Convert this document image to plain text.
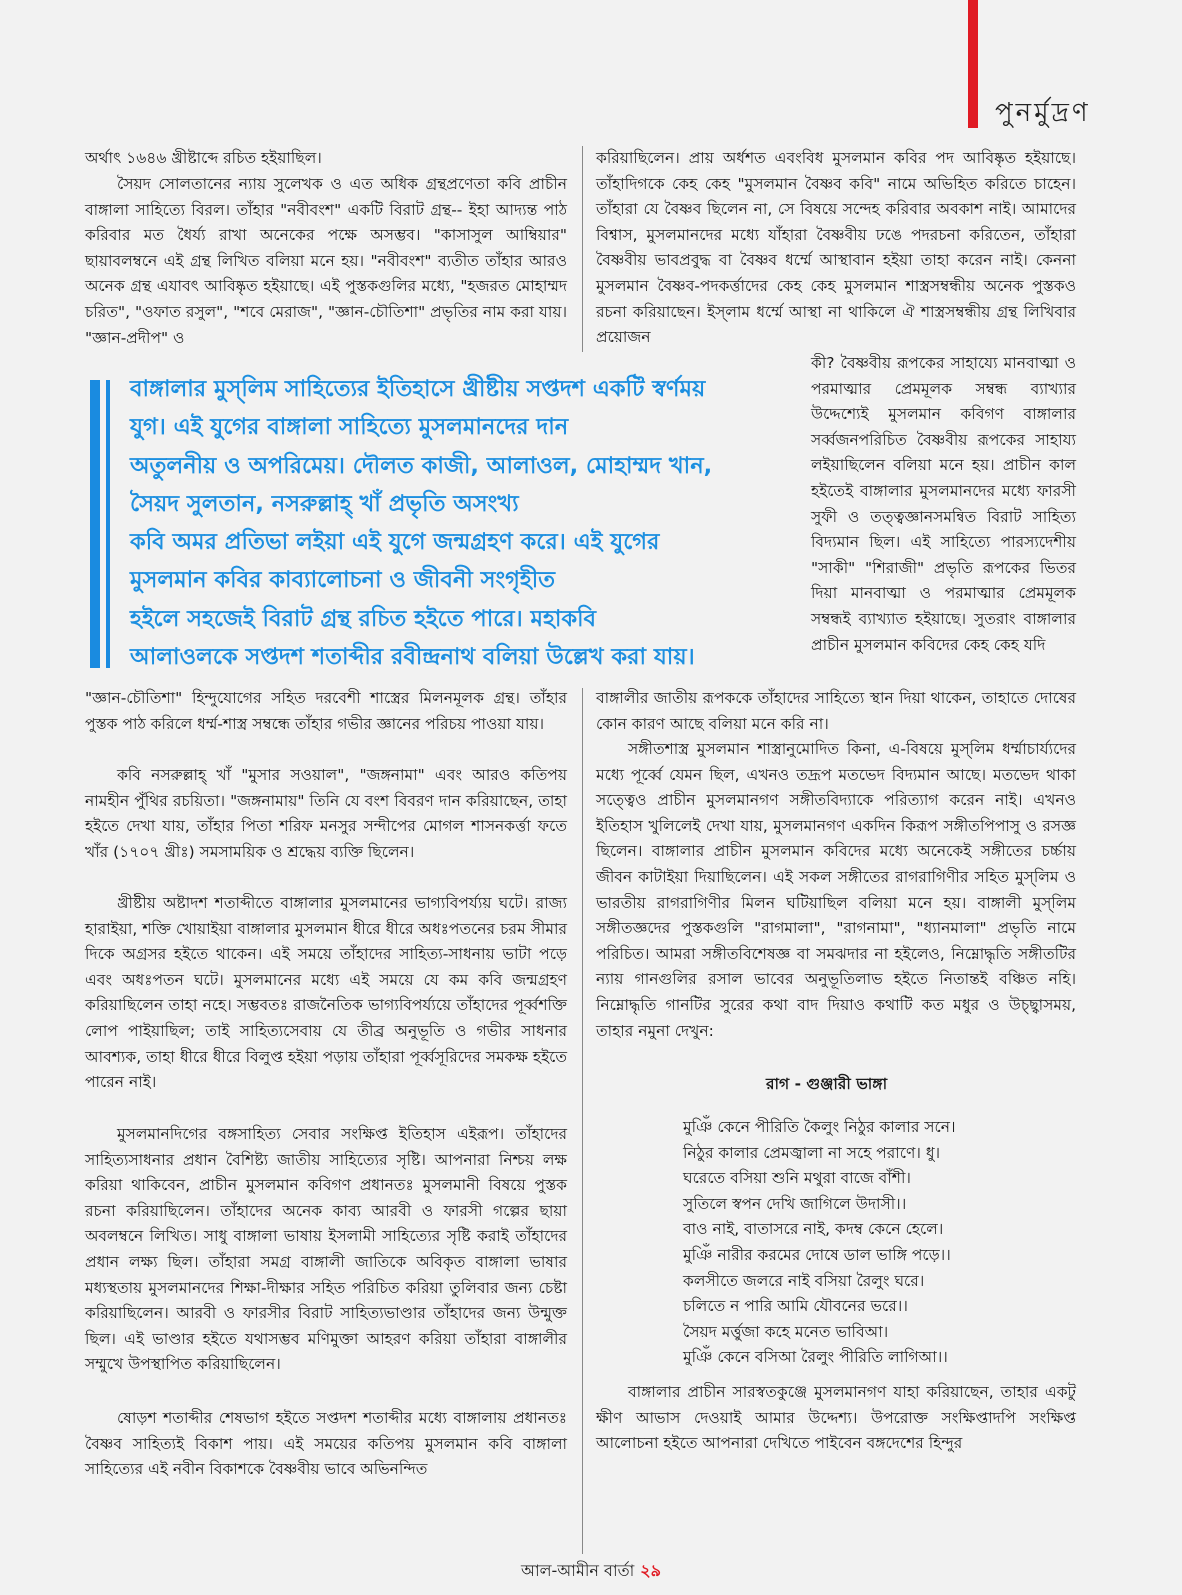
পুনর্মুদ্রণ

অর্থাৎ ১৬৪৬ খ্রীষ্টাব্দে রচিত হইয়াছিল।

সৈয়দ সোলতানের ন্যায় সুলেখক ও এত অধিক গ্রন্থপ্রণেতা কবি প্রাচীন বাঙ্গালা সাহিত্যে বিরল। তাঁহার "নবীবংশ" একটি বিরাট গ্রন্থ-- ইহা আদ্যন্ত পাঠ করিবার মত ধৈর্য্য রাখা অনেকের পক্ষে অসম্ভব। "কাসাসুল আম্বিয়ার" ছায়াবলম্বনে এই গ্রন্থ লিখিত বলিয়া মনে হয়। "নবীবংশ" ব্যতীত তাঁহার আরও অনেক গ্রন্থ এযাবৎ আবিষ্কৃত হইয়াছে। এই পুস্তকগুলির মধ্যে, "হজরত মোহাম্মদ চরিত", "ওফাত রসুল", "শবে মেরাজ", "জ্ঞান-চৌতিশা" প্রভৃতির নাম করা যায়। "জ্ঞান-প্রদীপ" ও

করিয়াছিলেন। প্রায় অর্ধশত এবংবিধ মুসলমান কবির পদ আবিষ্কৃত হইয়াছে। তাঁহাদিগকে কেহ কেহ "মুসলমান বৈষ্ণব কবি" নামে অভিহিত করিতে চাহেন। তাঁহারা যে বৈষ্ণব ছিলেন না, সে বিষয়ে সন্দেহ করিবার অবকাশ নাই। আমাদের বিশ্বাস, মুসলমানদের মধ্যে যাঁহারা বৈষ্ণবীয় ঢঙে পদরচনা করিতেন, তাঁহারা বৈষ্ণবীয় ভাবপ্রবুদ্ধ বা বৈষ্ণব ধর্ম্মে আস্থাবান হইয়া তাহা করেন নাই। কেননা মুসলমান বৈষ্ণব-পদকর্ত্তাদের কেহ কেহ মুসলমান শাস্ত্রসম্বন্ধীয় অনেক পুস্তকও রচনা করিয়াছেন। ইস্‌লাম ধর্ম্মে আস্থা না থাকিলে ঐ শাস্ত্রসম্বন্ধীয় গ্রন্থ লিখিবার প্রয়োজন

কী? বৈষ্ণবীয় রূপকের সাহায্যে মানবাত্মা ও পরমাত্মার প্রেমমূলক সম্বন্ধ ব্যাখ্যার উদ্দেশ্যেই মুসলমান কবিগণ বাঙ্গালার সর্ব্বজনপরিচিত বৈষ্ণবীয় রূপকের সাহায্য লইয়াছিলেন বলিয়া মনে হয়। প্রাচীন কাল হইতেই বাঙ্গালার মুসলমানদের মধ্যে ফারসী সুফী ও তত্ত্বজ্ঞানসমন্বিত বিরাট সাহিত্য বিদ্যমান ছিল। এই সাহিত্যে পারস্যদেশীয় "সাকী" "শিরাজী" প্রভৃতি রূপকের ভিতর দিয়া মানবাত্মা ও পরমাত্মার প্রেমমূলক সম্বন্ধই ব্যাখ্যাত হইয়াছে। সুতরাং বাঙ্গালার প্রাচীন মুসলমান কবিদের কেহ কেহ যদি

বাঙ্গালার মুস্‌লিম সাহিত্যের ইতিহাসে খ্রীষ্টীয় সপ্তদশ একটি স্বর্ণময়
যুগ। এই যুগের বাঙ্গালা সাহিত্যে মুসলমানদের দান
অতুলনীয় ও অপরিমেয়। দৌলত কাজী, আলাওল, মোহাম্মদ খান,
সৈয়দ সুলতান, নসরুল্লাহ্ খাঁ প্রভৃতি অসংখ্য
কবি অমর প্রতিভা লইয়া এই যুগে জন্মগ্রহণ করে। এই যুগের
মুসলমান কবির কাব্যালোচনা ও জীবনী সংগৃহীত
হইলে সহজেই বিরাট গ্রন্থ রচিত হইতে পারে। মহাকবি
আলাওলকে সপ্তদশ শতাব্দীর রবীন্দ্রনাথ বলিয়া উল্লেখ করা যায়।

"জ্ঞান-চৌতিশা" হিন্দুযোগের সহিত দরবেশী শাস্ত্রের মিলনমূলক গ্রন্থ। তাঁহার পুস্তক পাঠ করিলে ধর্ম্ম-শাস্ত্র সম্বন্ধে তাঁহার গভীর জ্ঞানের পরিচয় পাওয়া যায়।

কবি নসরুল্লাহ্ খাঁ "মুসার সওয়াল", "জঙ্গনামা" এবং আরও কতিপয় নামহীন পুঁথির রচয়িতা। "জঙ্গনামায়" তিনি যে বংশ বিবরণ দান করিয়াছেন, তাহা হইতে দেখা যায়, তাঁহার পিতা শরিফ মনসুর সন্দীপের মোগল শাসনকর্ত্তা ফতে খাঁর (১৭০৭ খ্রীঃ) সমসাময়িক ও শ্রদ্ধেয় ব্যক্তি ছিলেন।

খ্রীষ্টীয় অষ্টাদশ শতাব্দীতে বাঙ্গালার মুসলমানের ভাগ্যবিপর্য্যয় ঘটে। রাজ্য হারাইয়া, শক্তি খোয়াইয়া বাঙ্গালার মুসলমান ধীরে ধীরে অধঃপতনের চরম সীমার দিকে অগ্রসর হইতে থাকেন। এই সময়ে তাঁহাদের সাহিত্য-সাধনায় ভাটা পড়ে এবং অধঃপতন ঘটে। মুসলমানের মধ্যে এই সময়ে যে কম কবি জন্মগ্রহণ করিয়াছিলেন তাহা নহে। সম্ভবতঃ রাজনৈতিক ভাগ্যবিপর্য্যয়ে তাঁহাদের পূর্ব্বশক্তি লোপ পাইয়াছিল; তাই সাহিত্যসেবায় যে তীব্র অনুভূতি ও গভীর সাধনার আবশ্যক, তাহা ধীরে ধীরে বিলুপ্ত হইয়া পড়ায় তাঁহারা পূর্ব্বসূরিদের সমকক্ষ হইতে পারেন নাই।

মুসলমানদিগের বঙ্গসাহিত্য সেবার সংক্ষিপ্ত ইতিহাস এইরূপ। তাঁহাদের সাহিত্যসাধনার প্রধান বৈশিষ্ট্য জাতীয় সাহিত্যের সৃষ্টি। আপনারা নিশ্চয় লক্ষ করিয়া থাকিবেন, প্রাচীন মুসলমান কবিগণ প্রধানতঃ মুসলমানী বিষয়ে পুস্তক রচনা করিয়াছিলেন। তাঁহাদের অনেক কাব্য আরবী ও ফারসী গল্পের ছায়া অবলম্বনে লিখিত। সাধু বাঙ্গালা ভাষায় ইসলামী সাহিত্যের সৃষ্টি করাই তাঁহাদের প্রধান লক্ষ্য ছিল। তাঁহারা সমগ্র বাঙ্গালী জাতিকে অবিকৃত বাঙ্গালা ভাষার মধ্যস্থতায় মুসলমানদের শিক্ষা-দীক্ষার সহিত পরিচিত করিয়া তুলিবার জন্য চেষ্টা করিয়াছিলেন। আরবী ও ফারসীর বিরাট সাহিত্যভাণ্ডার তাঁহাদের জন্য উন্মুক্ত ছিল। এই ভাণ্ডার হইতে যথাসম্ভব মণিমুক্তা আহরণ করিয়া তাঁহারা বাঙ্গালীর সম্মুখে উপস্থাপিত করিয়াছিলেন।

ষোড়শ শতাব্দীর শেষভাগ হইতে সপ্তদশ শতাব্দীর মধ্যে বাঙ্গালায় প্রধানতঃ বৈষ্ণব সাহিত্যই বিকাশ পায়। এই সময়ের কতিপয় মুসলমান কবি বাঙ্গালা সাহিত্যের এই নবীন বিকাশকে বৈষ্ণবীয় ভাবে অভিনন্দিত

বাঙ্গালীর জাতীয় রূপককে তাঁহাদের সাহিত্যে স্থান দিয়া থাকেন, তাহাতে দোষের কোন কারণ আছে বলিয়া মনে করি না।

সঙ্গীতশাস্ত্র মুসলমান শাস্ত্রানুমোদিত কিনা, এ-বিষয়ে মুস্‌লিম ধর্ম্মাচার্য্যদের মধ্যে পূর্ব্বে যেমন ছিল, এখনও তদ্রূপ মতভেদ বিদ্যমান আছে। মতভেদ থাকা সত্ত্বেও প্রাচীন মুসলমানগণ সঙ্গীতবিদ্যাকে পরিত্যাগ করেন নাই। এখনও ইতিহাস খুলিলেই দেখা যায়, মুসলমানগণ একদিন কিরূপ সঙ্গীতপিপাসু ও রসজ্ঞ ছিলেন। বাঙ্গালার প্রাচীন মুসলমান কবিদের মধ্যে অনেকেই সঙ্গীতের চর্চ্চায় জীবন কাটাইয়া দিয়াছিলেন। এই সকল সঙ্গীতের রাগরাগিণীর সহিত মুস্‌লিম ও ভারতীয় রাগরাগিণীর মিলন ঘটিয়াছিল বলিয়া মনে হয়। বাঙ্গালী মুস্‌লিম সঙ্গীতজ্ঞদের পুস্তকগুলি "রাগমালা", "রাগনামা", "ধ্যানমালা" প্রভৃতি নামে পরিচিত। আমরা সঙ্গীতবিশেষজ্ঞ বা সমঝদার না হইলেও, নিম্নোদ্ধৃতি সঙ্গীতটির ন্যায় গানগুলির রসাল ভাবের অনুভূতিলাভ হইতে নিতান্তই বঞ্চিত নহি। নিম্নোদ্ধৃতি গানটির সুরের কথা বাদ দিয়াও কথাটি কত মধুর ও উচ্ছ্বাসময়, তাহার নমুনা দেখুন:

রাগ - গুঞ্জারী ভাঙ্গা
মুঞিঁ কেনে পীরিতি কৈলুং নিঠুর কালার সনে।
নিঠুর কালার প্রেমজ্বালা না সহে পরাণে। ধু।
ঘরেতে বসিয়া শুনি মথুরা বাজে বাঁশী।
সুতিলে স্বপন দেখি জাগিলে উদাসী।।
বাও নাই, বাতাসরে নাই, কদম্ব কেনে হেলে।
মুঞিঁ নারীর করমের দোষে ডাল ভাঙ্গি পড়ে।।
কলসীতে জলরে নাই বসিয়া রৈলুং ঘরে।
চলিতে ন পারি আমি যৌবনের ভরে।।
সৈয়দ মর্ত্তুজা কহে মনেত ভাবিআ।
মুঞিঁ কেনে বসিআ রৈলুং পীরিতি লাগিআ।।

বাঙ্গালার প্রাচীন সারস্বতকুঞ্জে মুসলমানগণ যাহা করিয়াছেন, তাহার একটু ক্ষীণ আভাস দেওয়াই আমার উদ্দেশ্য। উপরোক্ত সংক্ষিপ্তাদপি সংক্ষিপ্ত আলোচনা হইতে আপনারা দেখিতে পাইবেন বঙ্গদেশের হিন্দুর

আল-আমীন বার্তা ২৯
